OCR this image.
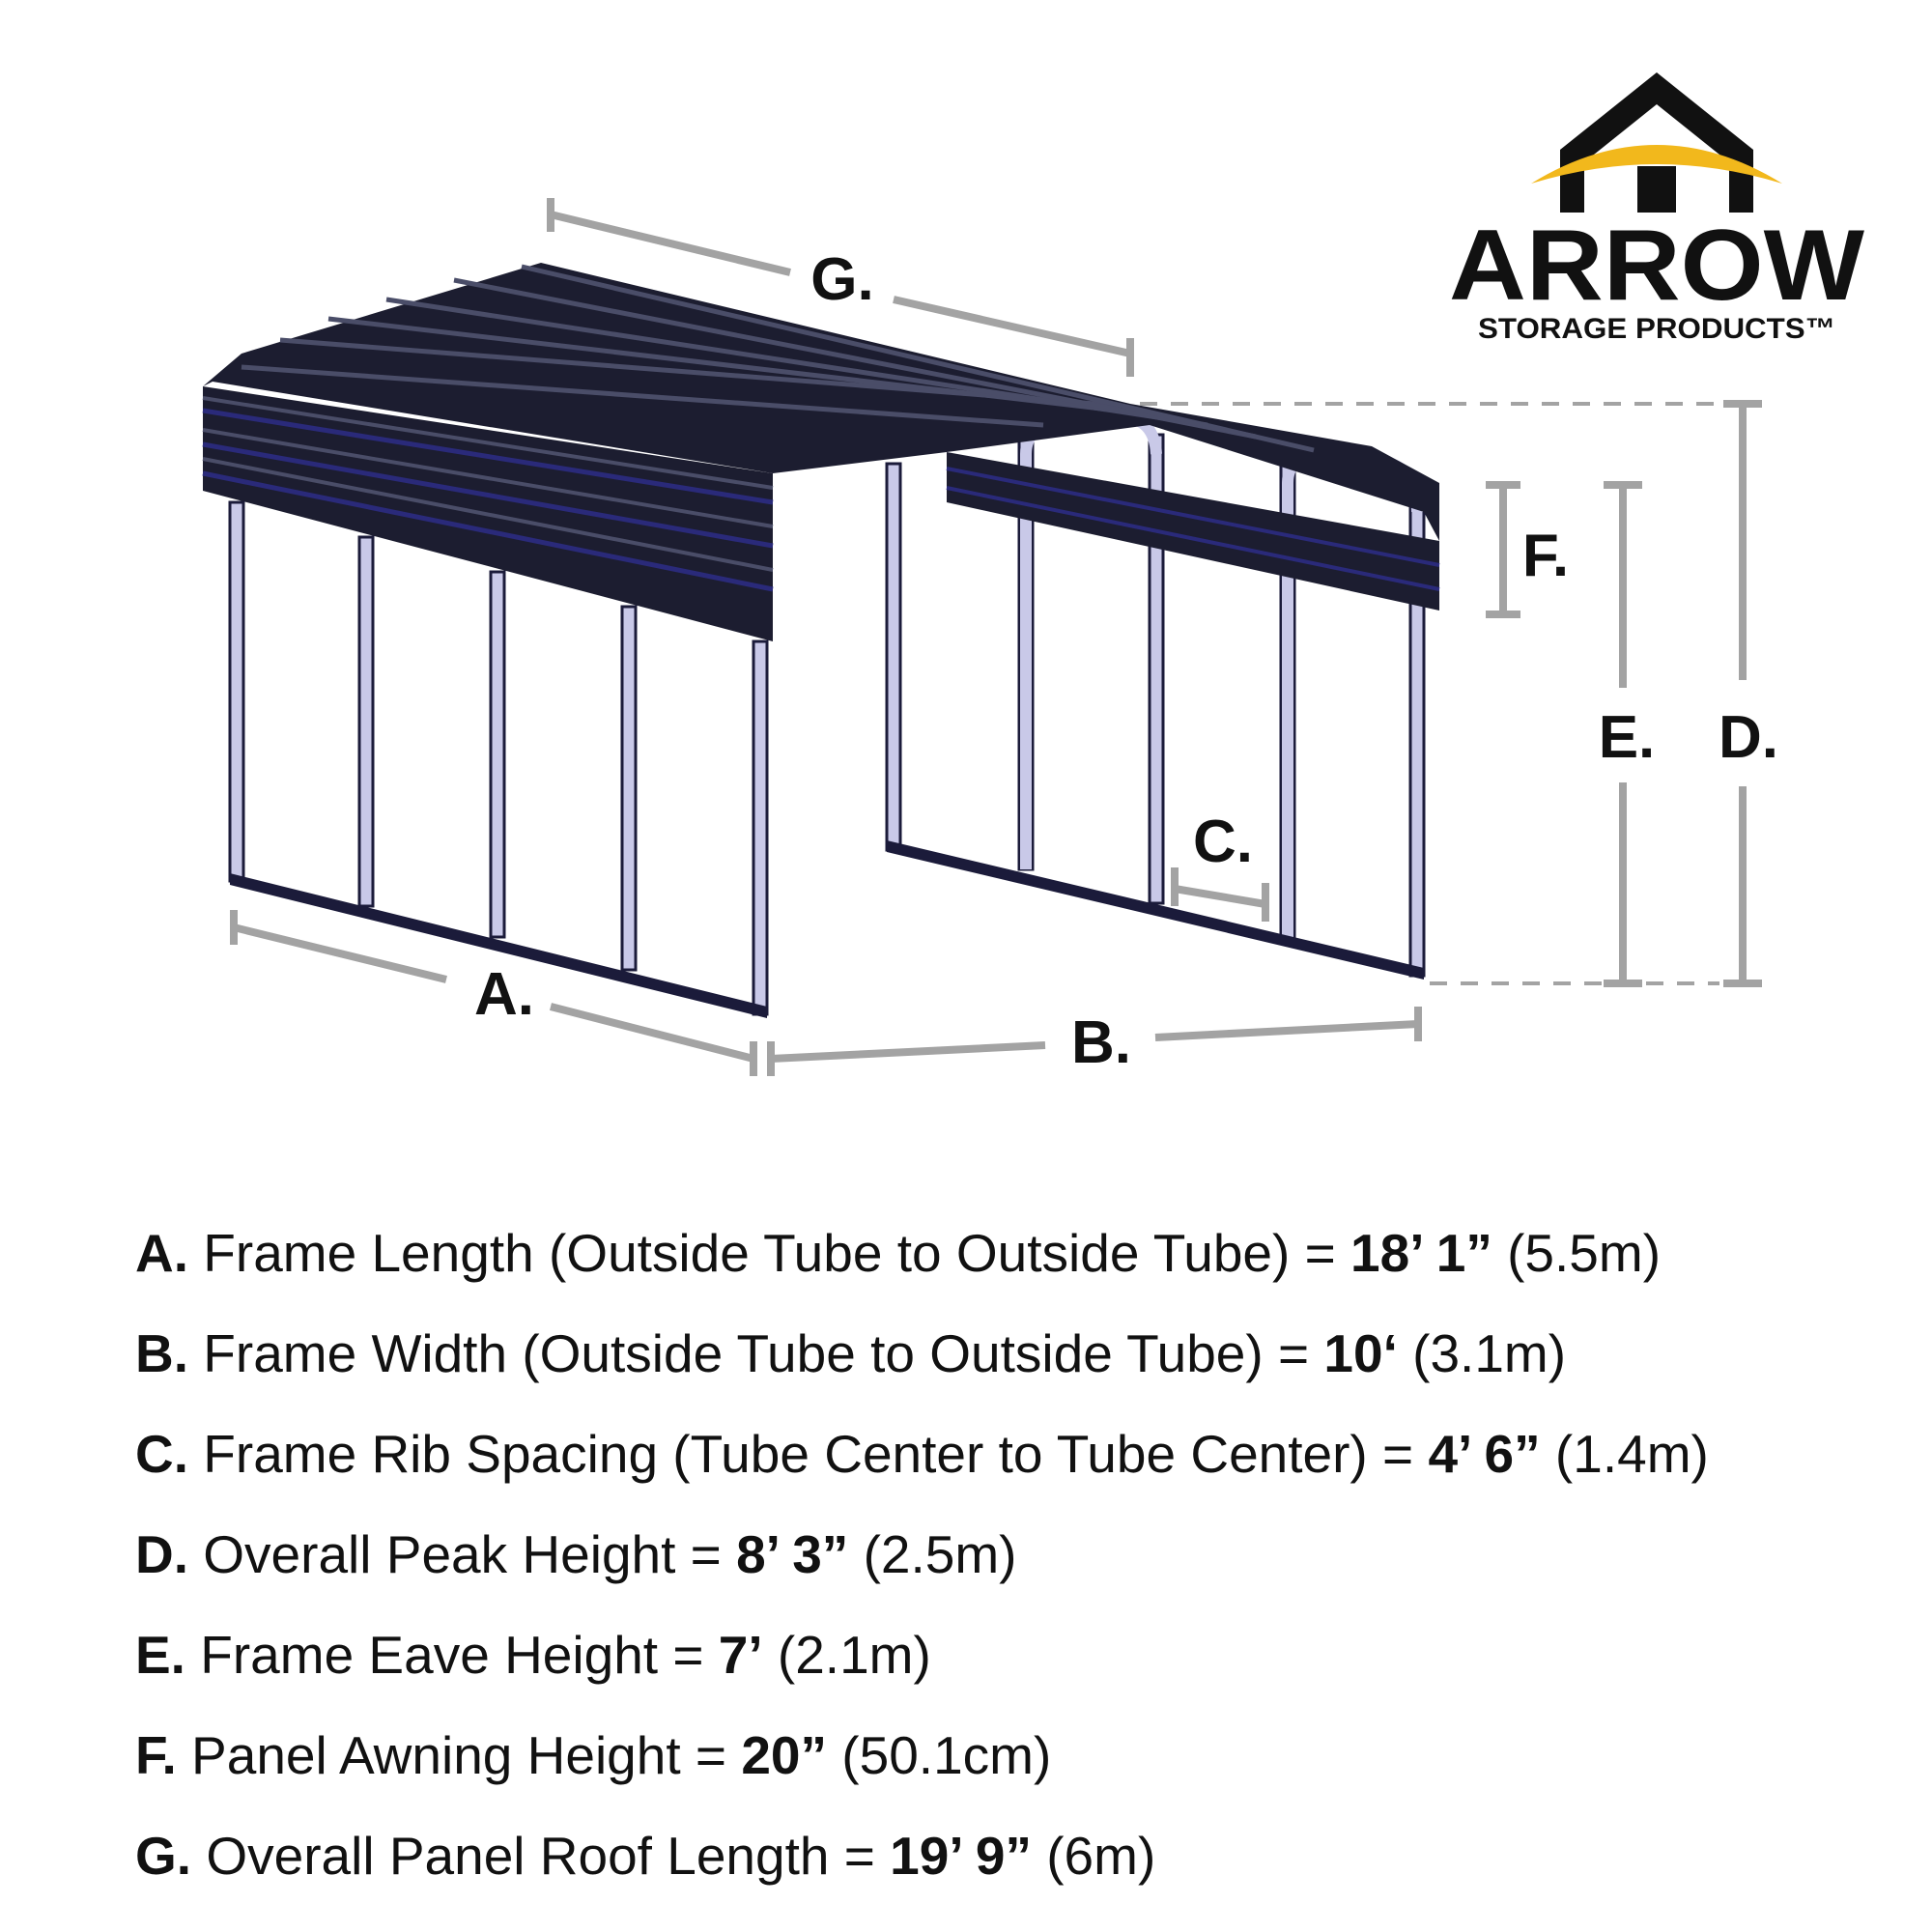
G.
A.
B.
C.
F.
E. D.
ARROW
STORAGE PRODUCTS™
A. Frame Length (Outside Tube to Outside Tube) = 18’ 1” (5.5m)
B. Frame Width (Outside Tube to Outside Tube) = 10‘ (3.1m)
C. Frame Rib Spacing (Tube Center to Tube Center) = 4’ 6” (1.4m)
D. Overall Peak Height = 8’ 3” (2.5m)
E. Frame Eave Height = 7’ (2.1m)
F. Panel Awning Height = 20” (50.1cm)
G. Overall Panel Roof Length = 19’ 9” (6m)
